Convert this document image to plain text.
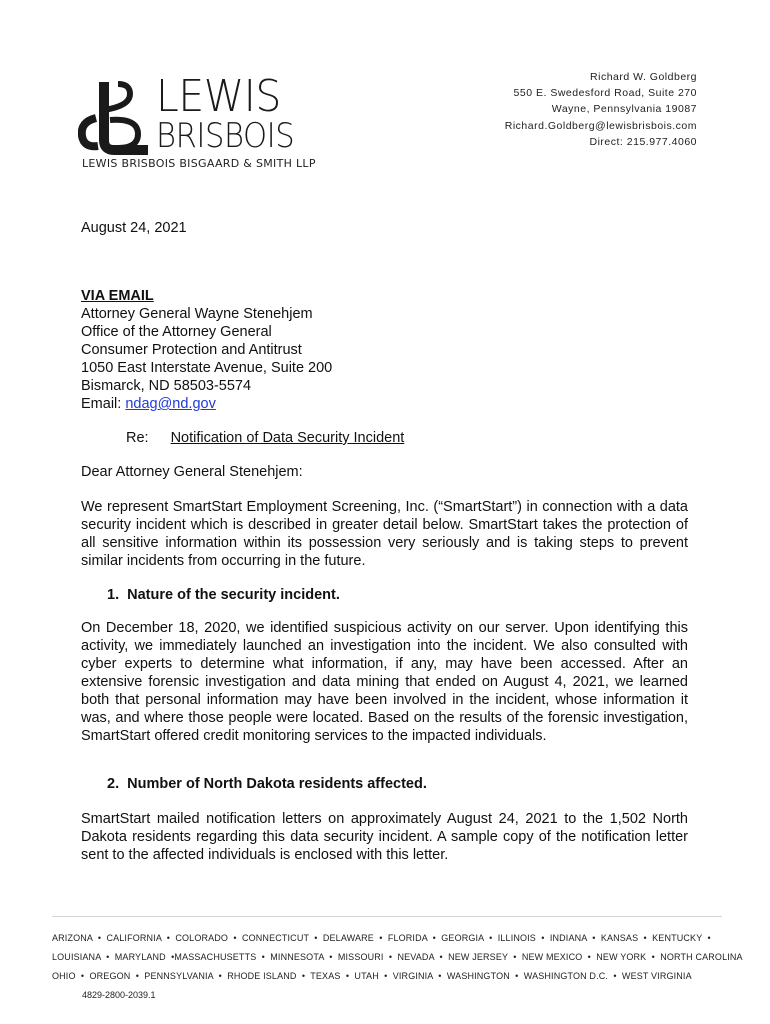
LEWIS
BRISBOIS
LEWIS BRISBOIS BISGAARD & SMITH LLP
Richard W. Goldberg
550 E. Swedesford Road, Suite 270
Wayne, Pennsylvania 19087
Richard.Goldberg@lewisbrisbois.com
Direct: 215.977.4060
August 24, 2021
VIA EMAIL
Attorney General Wayne Stenehjem
Office of the Attorney General
Consumer Protection and Antitrust
1050 East Interstate Avenue, Suite 200
Bismarck, ND 58503-5574
Email: ndag@nd.gov
Re: Notification of Data Security Incident
Dear Attorney General Stenehjem:
We represent SmartStart Employment Screening, Inc. (“SmartStart”) in connection with a data security incident which is described in greater detail below. SmartStart takes the protection of all sensitive information within its possession very seriously and is taking steps to prevent similar incidents from occurring in the future.
1.  Nature of the security incident.
On December 18, 2020, we identified suspicious activity on our server. Upon identifying this activity, we immediately launched an investigation into the incident. We also consulted with cyber experts to determine what information, if any, may have been accessed. After an extensive forensic investigation and data mining that ended on August 4, 2021, we learned both that personal information may have been involved in the incident, whose information it was, and where those people were located. Based on the results of the forensic investigation, SmartStart offered credit monitoring services to the impacted individuals.
2.  Number of North Dakota residents affected.
SmartStart mailed notification letters on approximately August 24, 2021 to the 1,502 North Dakota residents regarding this data security incident. A sample copy of the notification letter sent to the affected individuals is enclosed with this letter.
ARIZONA  •  CALIFORNIA  •  COLORADO  •  CONNECTICUT  •  DELAWARE  •  FLORIDA  •  GEORGIA  •  ILLINOIS  •  INDIANA  •  KANSAS  •  KENTUCKY  •
LOUISIANA  •  MARYLAND  •MASSACHUSETTS  •  MINNESOTA  •  MISSOURI  •  NEVADA  •  NEW JERSEY  •  NEW MEXICO  •  NEW YORK  •  NORTH CAROLINA
OHIO  •  OREGON  •  PENNSYLVANIA  •  RHODE ISLAND  •  TEXAS  •  UTAH  •  VIRGINIA  •  WASHINGTON  •  WASHINGTON D.C.  •  WEST VIRGINIA
4829-2800-2039.1
